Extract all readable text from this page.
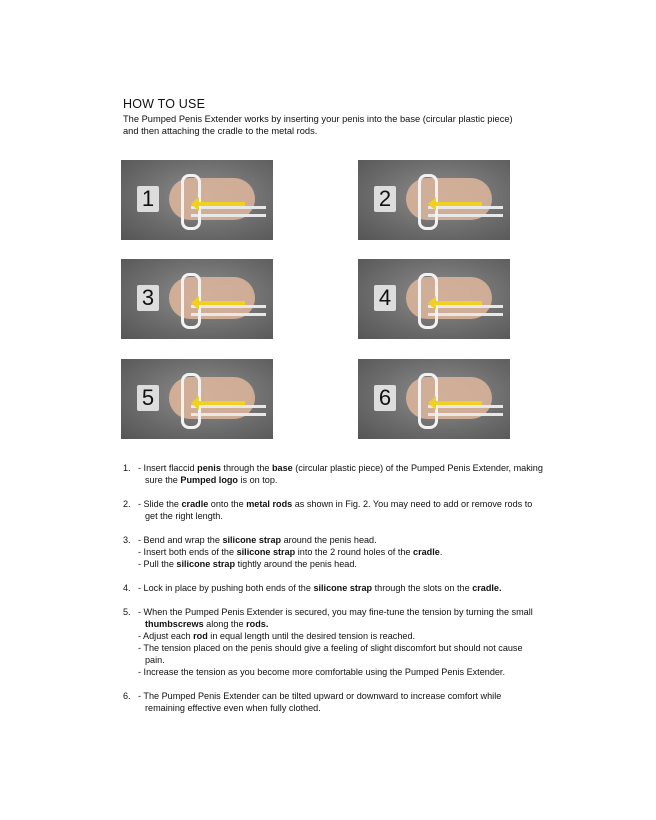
HOW TO USE
The Pumped Penis Extender works by inserting your penis into the base (circular plastic piece) and then attaching the cradle to the metal rods.
1	2
3	4
5	6
1. - Insert flaccid penis through the base (circular plastic piece) of the Pumped Penis Extender, making sure the Pumped logo is on top.
2. - Slide the cradle onto the metal rods as shown in Fig. 2. You may need to add or remove rods to get the right length.
3. - Bend and wrap the silicone strap around the penis head.
- Insert both ends of the silicone strap into the 2 round holes of the cradle.
- Pull the silicone strap tightly around the penis head.
4. - Lock in place by pushing both ends of the silicone strap through the slots on the cradle.
5. - When the Pumped Penis Extender is secured, you may fine-tune the tension by turning the small thumbscrews along the rods.
- Adjust each rod in equal length until the desired tension is reached.
- The tension placed on the penis should give a feeling of slight discomfort but should not cause pain.
- Increase the tension as you become more comfortable using the Pumped Penis Extender.
6. - The Pumped Penis Extender can be tilted upward or downward to increase comfort while remaining effective even when fully clothed.
